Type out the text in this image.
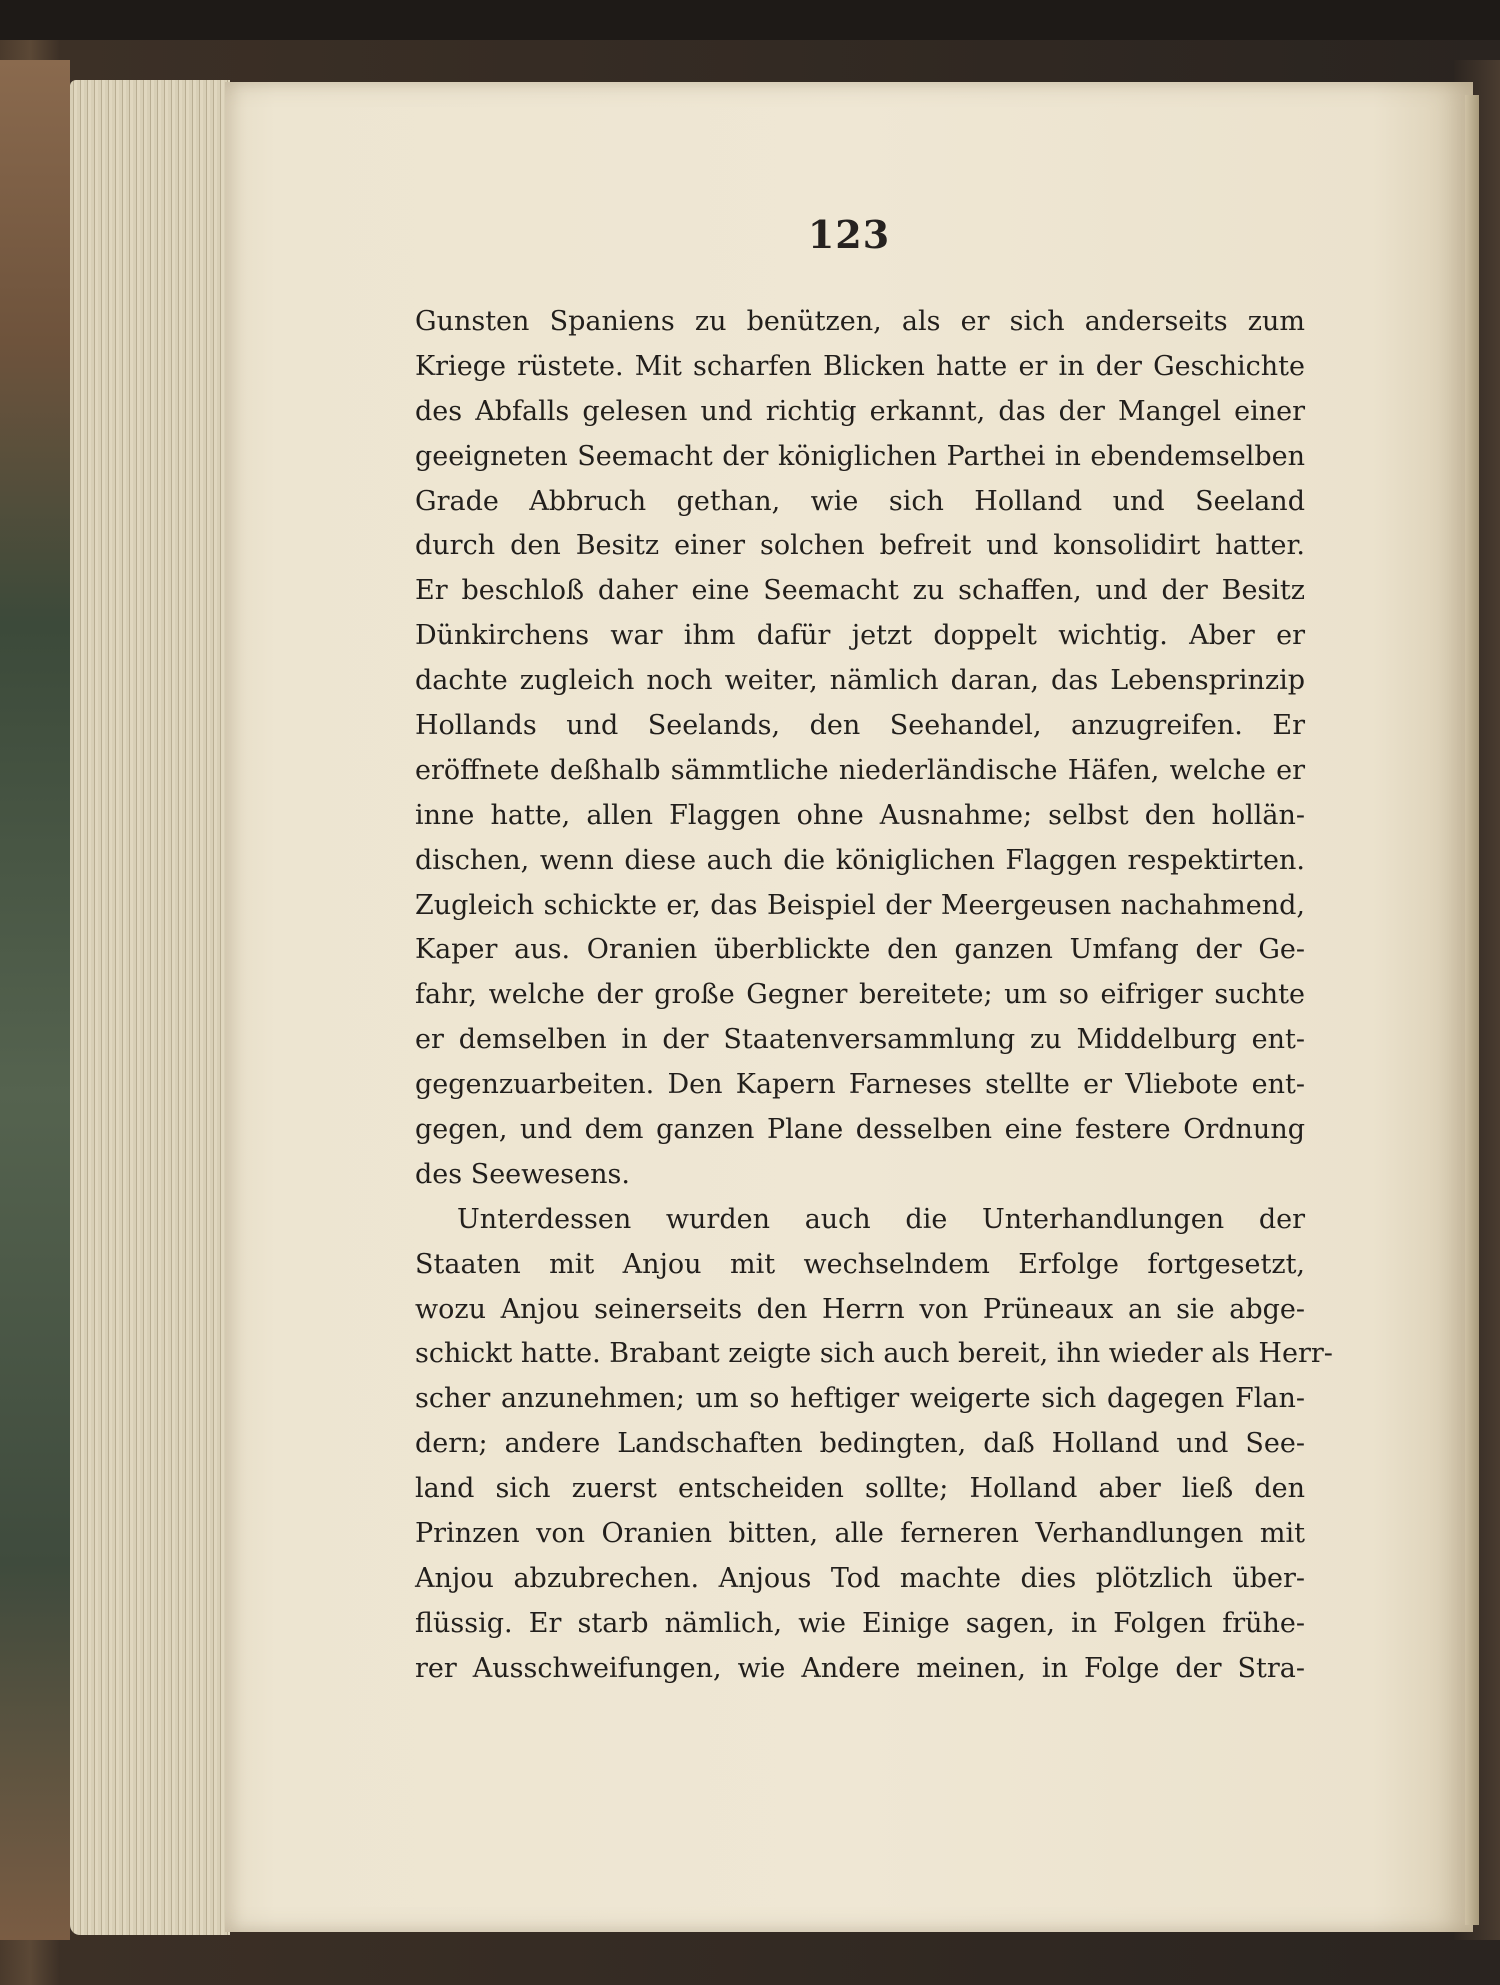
123
Gunsten Spaniens zu benützen, als er sich anderseits zum
Kriege rüstete. Mit scharfen Blicken hatte er in der Geschichte
des Abfalls gelesen und richtig erkannt, das der Mangel einer
geeigneten Seemacht der königlichen Parthei in ebendemselben
Grade Abbruch gethan, wie sich Holland und Seeland
durch den Besitz einer solchen befreit und konsolidirt hatter.
Er beschloß daher eine Seemacht zu schaffen, und der Besitz
Dünkirchens war ihm dafür jetzt doppelt wichtig. Aber er
dachte zugleich noch weiter, nämlich daran, das Lebensprinzip
Hollands und Seelands, den Seehandel, anzugreifen. Er
eröffnete deßhalb sämmtliche niederländische Häfen, welche er
inne hatte, allen Flaggen ohne Ausnahme; selbst den hollän-
dischen, wenn diese auch die königlichen Flaggen respektirten.
Zugleich schickte er, das Beispiel der Meergeusen nachahmend,
Kaper aus. Oranien überblickte den ganzen Umfang der Ge-
fahr, welche der große Gegner bereitete; um so eifriger suchte
er demselben in der Staatenversammlung zu Middelburg ent-
gegenzuarbeiten. Den Kapern Farneses stellte er Vliebote ent-
gegen, und dem ganzen Plane desselben eine festere Ordnung
des Seewesens.
Unterdessen wurden auch die Unterhandlungen der
Staaten mit Anjou mit wechselndem Erfolge fortgesetzt,
wozu Anjou seinerseits den Herrn von Prüneaux an sie abge-
schickt hatte. Brabant zeigte sich auch bereit, ihn wieder als Herr-
scher anzunehmen; um so heftiger weigerte sich dagegen Flan-
dern; andere Landschaften bedingten, daß Holland und See-
land sich zuerst entscheiden sollte; Holland aber ließ den
Prinzen von Oranien bitten, alle ferneren Verhandlungen mit
Anjou abzubrechen. Anjous Tod machte dies plötzlich über-
flüssig. Er starb nämlich, wie Einige sagen, in Folgen frühe-
rer Ausschweifungen, wie Andere meinen, in Folge der Stra-
